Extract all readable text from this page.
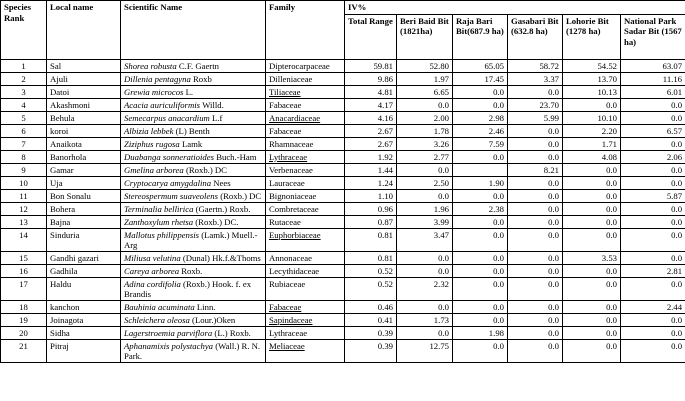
Species Rank	Local name	Scientific Name	Family	IV%					
				Total Range	Beri Baid Bit (1821ha)	Raja Bari Bit(687.9 ha)	Gasabari Bit (632.8 ha)	Lohorie Bit (1278 ha)	National Park Sadar Bit (1567 ha)
1	Sal	Shorea robusta C.F. Gaertn	Dipterocarpaceae	59.81	52.80	65.05	58.72	54.52	63.07
2	Ajuli	Dillenia pentagyna Roxb	Dilleniaceae	9.86	1.97	17.45	3.37	13.70	11.16
3	Datoi	Grewia microcos L.	Tiliaceae	4.81	6.65	0.0	0.0	10.13	6.01
4	Akashmoni	Acacia auriculiformis Willd.	Fabaceae	4.17	0.0	0.0	23.70	0.0	0.0
5	Behula	Semecarpus anacardium L.f	Anacardiaceae	4.16	2.00	2.98	5.99	10.10	0.0
6	koroi	Albizia lebbek (L) Benth	Fabaceae	2.67	1.78	2.46	0.0	2.20	6.57
7	Anaikota	Ziziphus rugosa Lamk	Rhamnaceae	2.67	3.26	7.59	0.0	1.71	0.0
8	Banorhola	Duabanga sonneratioides Buch.-Ham	Lythraceae	1.92	2.77	0.0	0.0	4.08	2.06
9	Gamar	Gmelina arborea (Roxb.) DC	Verbenaceae	1.44	0.0		8.21	0.0	0.0
10	Uja	Cryptocarya amygdalina Nees	Lauraceae	1.24	2.50	1.90	0.0	0.0	0.0
11	Bon Sonalu	Stereospermum suaveolens (Roxb.) DC	Bignoniaceae	1.10	0.0	0.0	0.0	0.0	5.87
12	Bohera	Terminalia bellirica (Gaertn.) Roxb.	Combretaceae	0.96	1.96	2.38	0.0	0.0	0.0
13	Bajna	Zanthoxylum rhetsa (Roxb.) DC.	Rutaceae	0.87	3.99	0.0	0.0	0.0	0.0
14	Sinduria	Mallotus philippensis (Lamk.) Muell.-Arg	Euphorbiaceae	0.81	3.47	0.0	0.0	0.0	0.0
15	Gandhi gazari	Miliusa velutina (Dunal) Hk.f.&Thoms	Annonaceae	0.81	0.0	0.0	0.0	3.53	0.0
16	Gadhila	Careya arborea Roxb.	Lecythidaceae	0.52	0.0	0.0	0.0	0.0	2.81
17	Haldu	Adina cordifolia (Roxb.) Hook. f. ex Brandis	Rubiaceae	0.52	2.32	0.0	0.0	0.0	0.0
18	kanchon	Bauhinia acuminata Linn.	Fabaceae	0.46	0.0	0.0	0.0	0.0	2.44
19	Joinagota	Schleichera oleosa (Lour.)Oken	Sapindaceae	0.41	1.73	0.0	0.0	0.0	0.0
20	Sidha	Lagerstroemia parviflora (L.) Roxb.	Lythraceae	0.39	0.0	1.98	0.0	0.0	0.0
21	Pitraj	Aphanamixis polystachya (Wall.) R. N. Park.	Meliaceae	0.39	12.75	0.0	0.0	0.0	0.0
